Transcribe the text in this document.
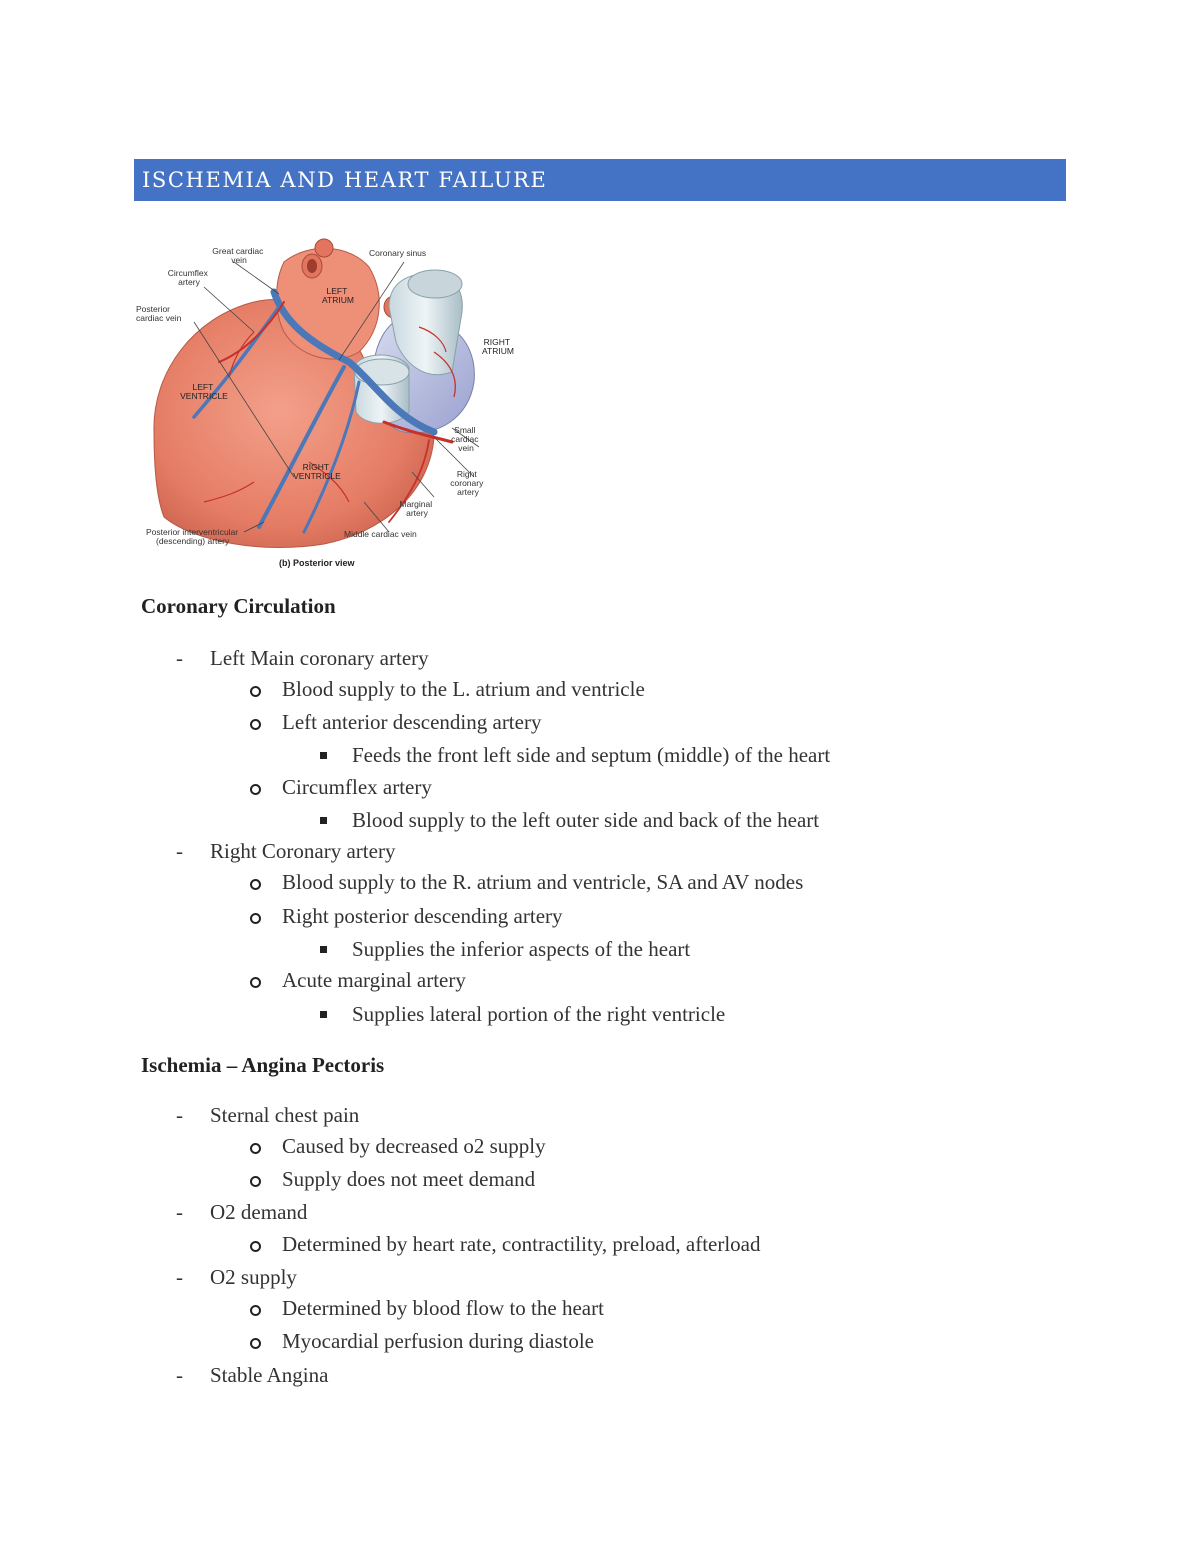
ISCHEMIA AND HEART FAILURE
Great cardiac vein
Circumflex artery
Posterior cardiac vein
LEFT VENTRICLE
Coronary sinus
LEFT ATRIUM
RIGHT ATRIUM
Small cardiac vein
Right coronary artery
Marginal artery
RIGHT VENTRICLE
Middle cardiac vein
Posterior interventricular (descending) artery
(b) Posterior view
Coronary Circulation
- Left Main coronary artery
Blood supply to the L. atrium and ventricle
Left anterior descending artery
Feeds the front left side and septum (middle) of the heart
Circumflex artery
Blood supply to the left outer side and back of the heart
- Right Coronary artery
Blood supply to the R. atrium and ventricle, SA and AV nodes
Right posterior descending artery
Supplies the inferior aspects of the heart
Acute marginal artery
Supplies lateral portion of the right ventricle
Ischemia – Angina Pectoris
- Sternal chest pain
Caused by decreased o2 supply
Supply does not meet demand
- O2 demand
Determined by heart rate, contractility, preload, afterload
- O2 supply
Determined by blood flow to the heart
Myocardial perfusion during diastole
- Stable Angina
